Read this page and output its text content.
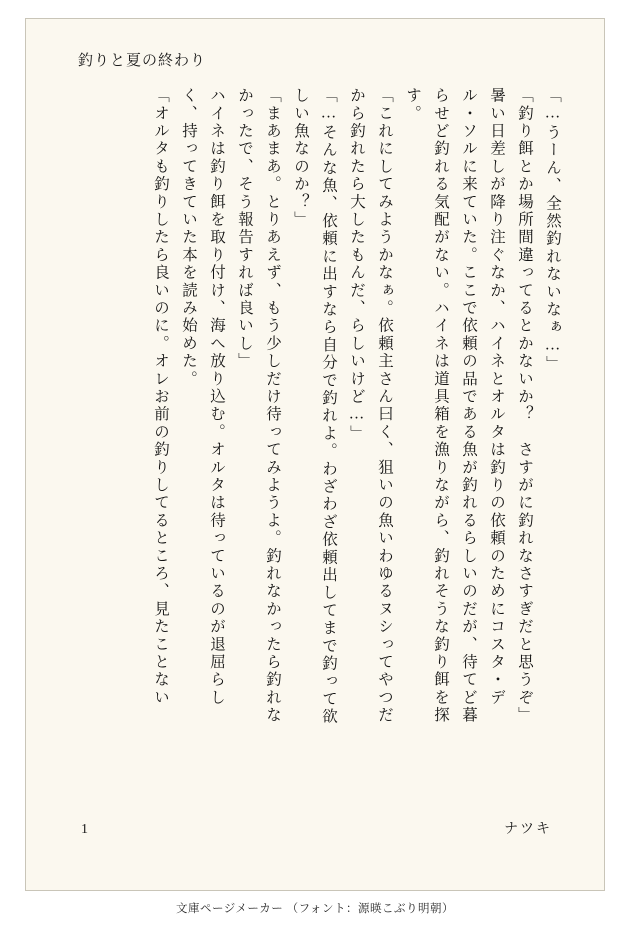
釣りと夏の終わり
「…うーん、全然釣れないなぁ…」
「釣り餌とか場所間違ってるとかないか？　さすがに釣れなさすぎだと思うぞ」
暑い日差しが降り注ぐなか、ハイネとオルタは釣りの依頼のためにコスタ・デ
ル・ソルに来ていた。ここで依頼の品である魚が釣れるらしいのだが、待てど暮
らせど釣れる気配がない。ハイネは道具箱を漁りながら、釣れそうな釣り餌を探
す。
「これにしてみようかなぁ。依頼主さん曰く、狙いの魚いわゆるヌシってやつだ
から釣れたら大したもんだ、らしいけど…」
「…そんな魚、依頼に出すなら自分で釣れよ。わざわざ依頼出してまで釣って欲
しい魚なのか？」
「まあまあ。とりあえず、もう少しだけ待ってみようよ。釣れなかったら釣れな
かったで、そう報告すれば良いし」
ハイネは釣り餌を取り付け、海へ放り込む。オルタは待っているのが退屈らし
く、持ってきていた本を読み始めた。
「オルタも釣りしたら良いのに。オレお前の釣りしてるところ、見たことない
1	ナツキ
文庫ページメーカー （フォント：源暎こぶり明朝）
